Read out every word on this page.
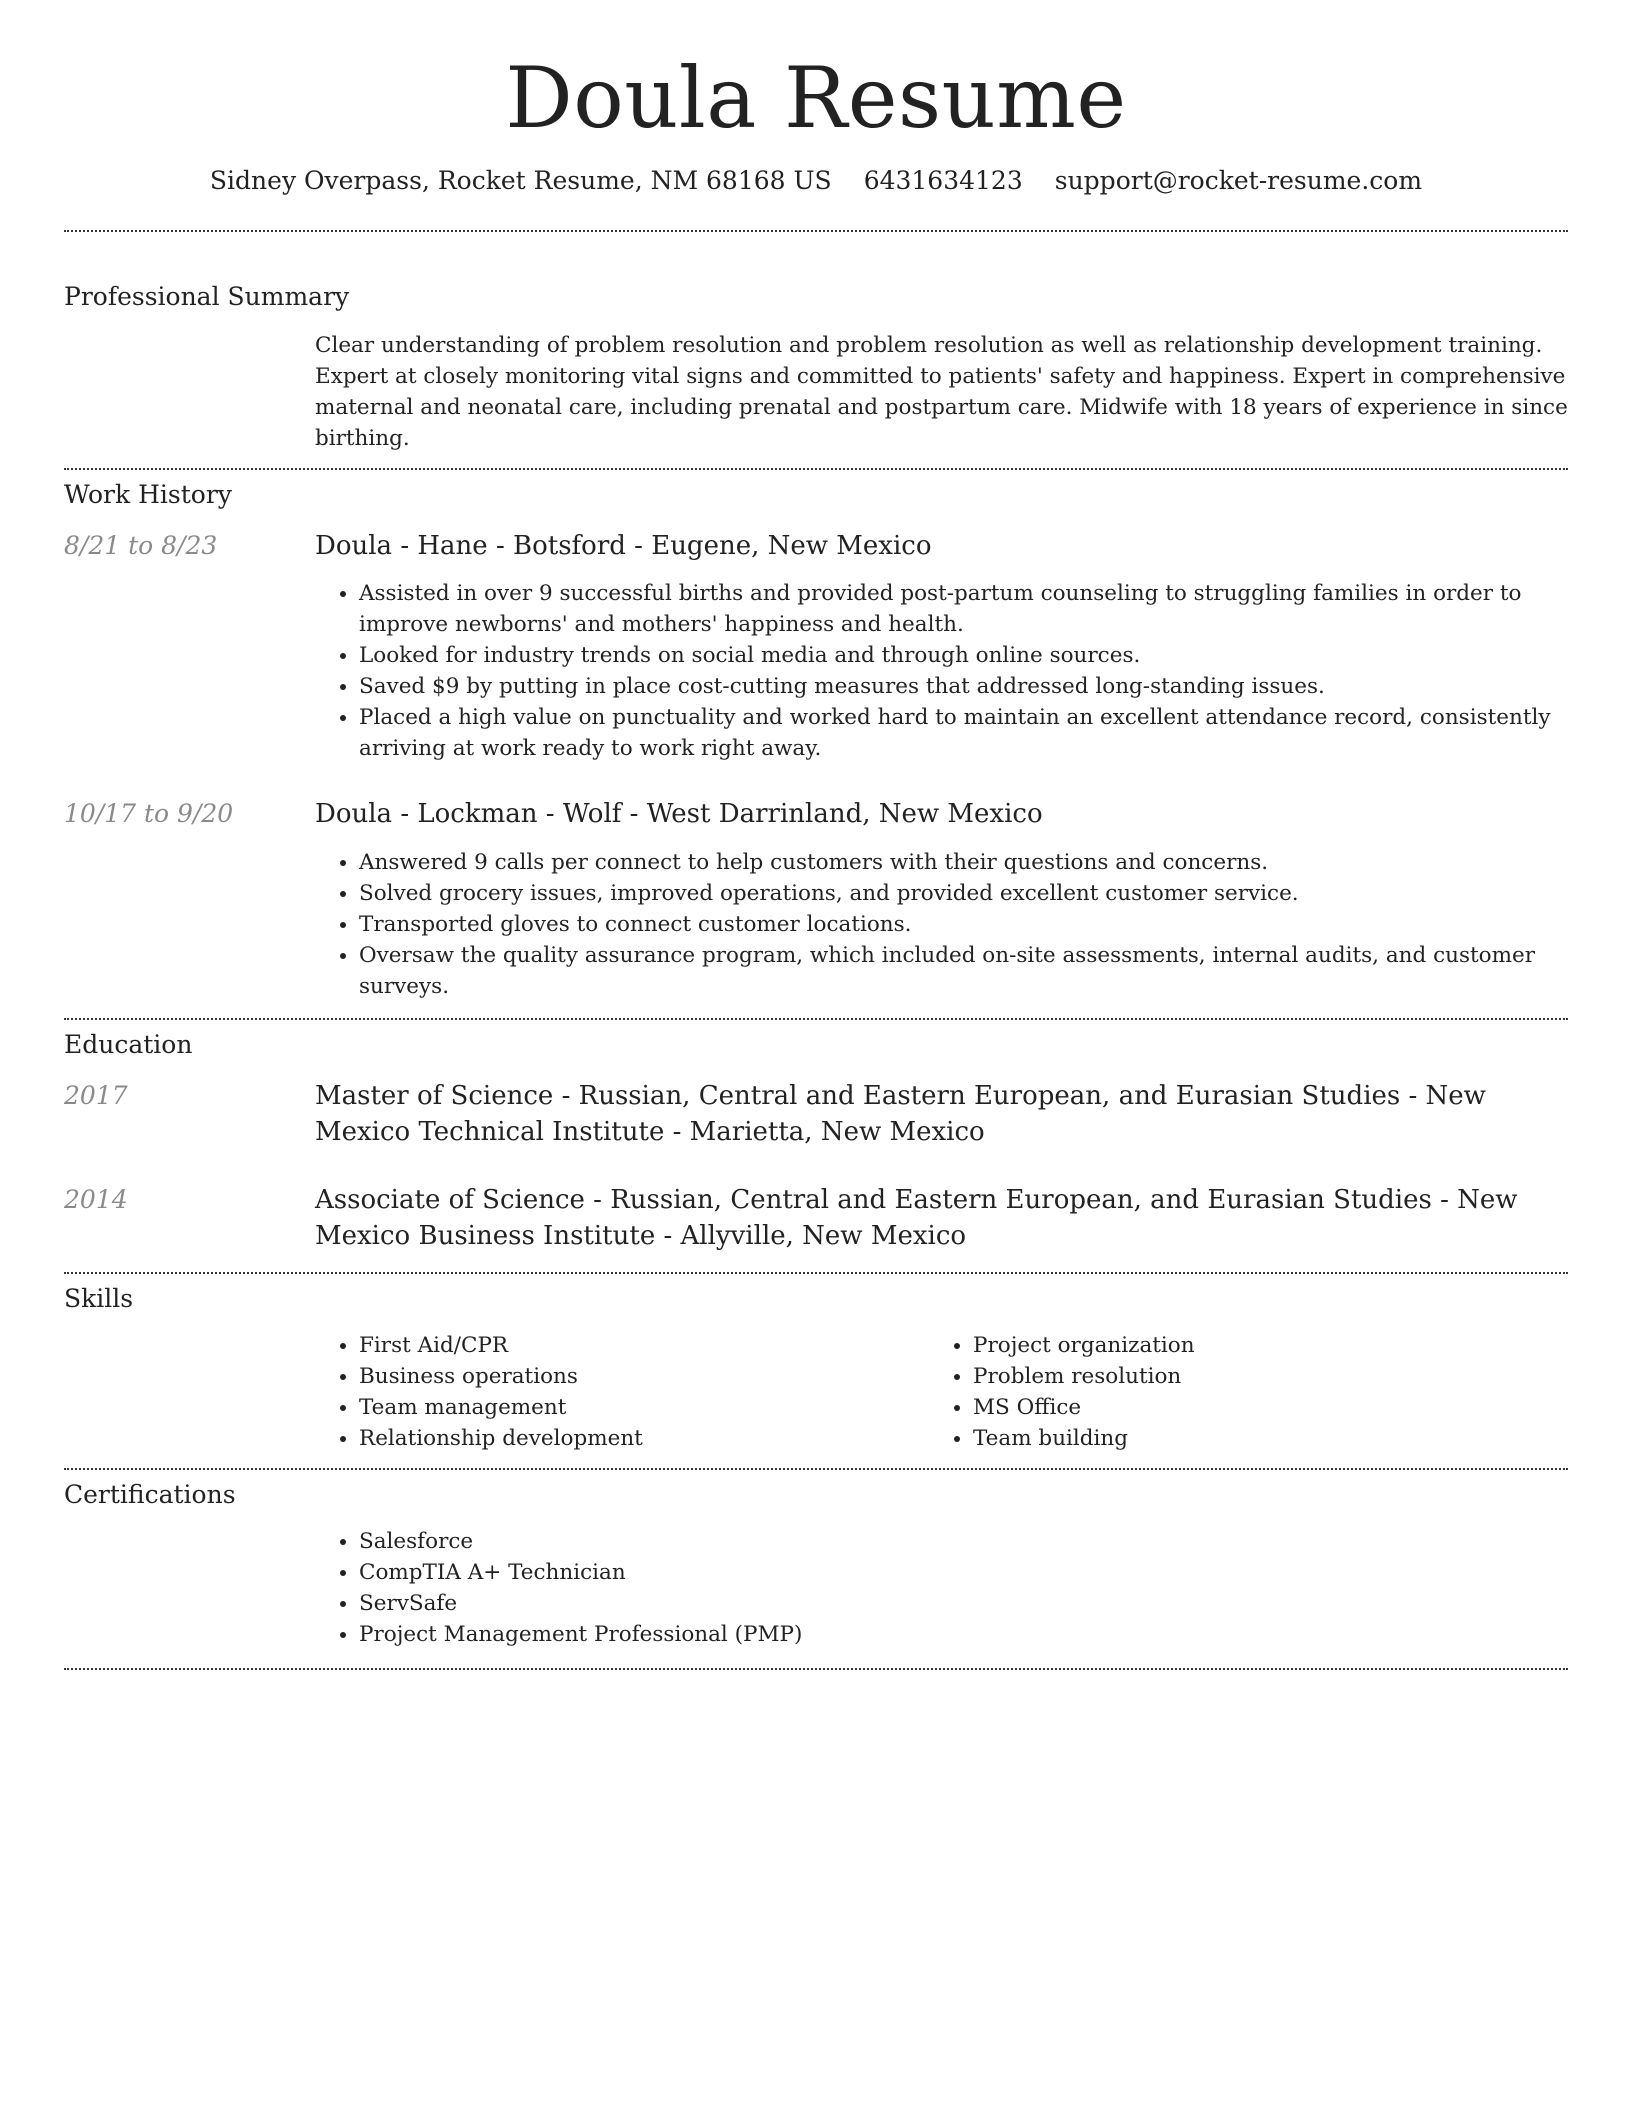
Doula Resume
Sidney Overpass, Rocket Resume, NM 68168 US 6431634123 support@rocket-resume.com
Professional Summary

Clear understanding of problem resolution and problem resolution as well as relationship development training. Expert at closely monitoring vital signs and committed to patients' safety and happiness. Expert in comprehensive maternal and neonatal care, including prenatal and postpartum care. Midwife with 18 years of experience in since birthing.

Work History
8/21 to 8/23	Doula - Hane - Botsford - Eugene, New Mexico
• Assisted in over 9 successful births and provided post-partum counseling to struggling families in order to improve newborns' and mothers' happiness and health.
• Looked for industry trends on social media and through online sources.
• Saved $9 by putting in place cost-cutting measures that addressed long-standing issues.
• Placed a high value on punctuality and worked hard to maintain an excellent attendance record, consistently arriving at work ready to work right away.
10/17 to 9/20	Doula - Lockman - Wolf - West Darrinland, New Mexico
• Answered 9 calls per connect to help customers with their questions and concerns.
• Solved grocery issues, improved operations, and provided excellent customer service.
• Transported gloves to connect customer locations.
• Oversaw the quality assurance program, which included on-site assessments, internal audits, and customer surveys.
Education
2017	Master of Science - Russian, Central and Eastern European, and Eurasian Studies - New Mexico Technical Institute - Marietta, New Mexico
2014	Associate of Science - Russian, Central and Eastern European, and Eurasian Studies - New Mexico Business Institute - Allyville, New Mexico
Skills
• First Aid/CPR
• Business operations
• Team management
• Relationship development
• Project organization
• Problem resolution
• MS Office
• Team building
Certifications
• Salesforce
• CompTIA A+ Technician
• ServSafe
• Project Management Professional (PMP)
